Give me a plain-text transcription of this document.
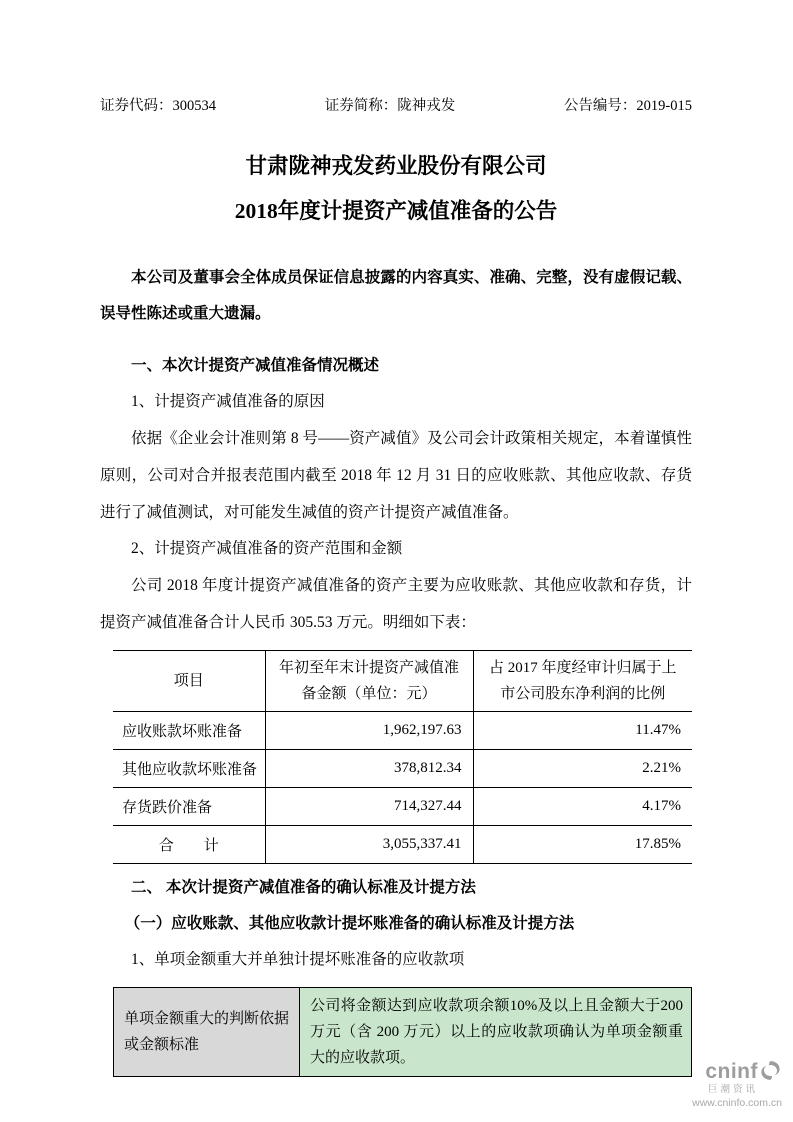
证券代码：300534	证券简称：陇神戎发	公告编号：2019-015
甘肃陇神戎发药业股份有限公司
2018年度计提资产减值准备的公告

本公司及董事会全体成员保证信息披露的内容真实、准确、完整，没有虚假记载、误导性陈述或重大遗漏。

一、本次计提资产减值准备情况概述
1、计提资产减值准备的原因

依据《企业会计准则第 8 号——资产减值》及公司会计政策相关规定，本着谨慎性原则，公司对合并报表范围内截至 2018 年 12 月 31 日的应收账款、其他应收款、存货进行了减值测试，对可能发生减值的资产计提资产减值准备。

2、计提资产减值准备的资产范围和金额

公司 2018 年度计提资产减值准备的资产主要为应收账款、其他应收款和存货，计提资产减值准备合计人民币 305.53 万元。明细如下表：

项目	年初至年末计提资产减值准备金额（单位：元）	占 2017 年度经审计归属于上市公司股东净利润的比例
应收账款坏账准备	1,962,197.63	11.47%
其他应收款坏账准备	378,812.34	2.21%
存货跌价准备	714,327.44	4.17%
合　　计	3,055,337.41	17.85%
二、 本次计提资产减值准备的确认标准及计提方法
（一）应收账款、其他应收款计提坏账准备的确认标准及计提方法
1、单项金额重大并单独计提坏账准备的应收款项
单项金额重大的判断依据或金额标准	公司将金额达到应收款项余额10%及以上且金额大于200万元（含 200 万元）以上的应收款项确认为单项金额重大的应收款项。
cninf
巨潮资讯
www.cninfo.com.cn
